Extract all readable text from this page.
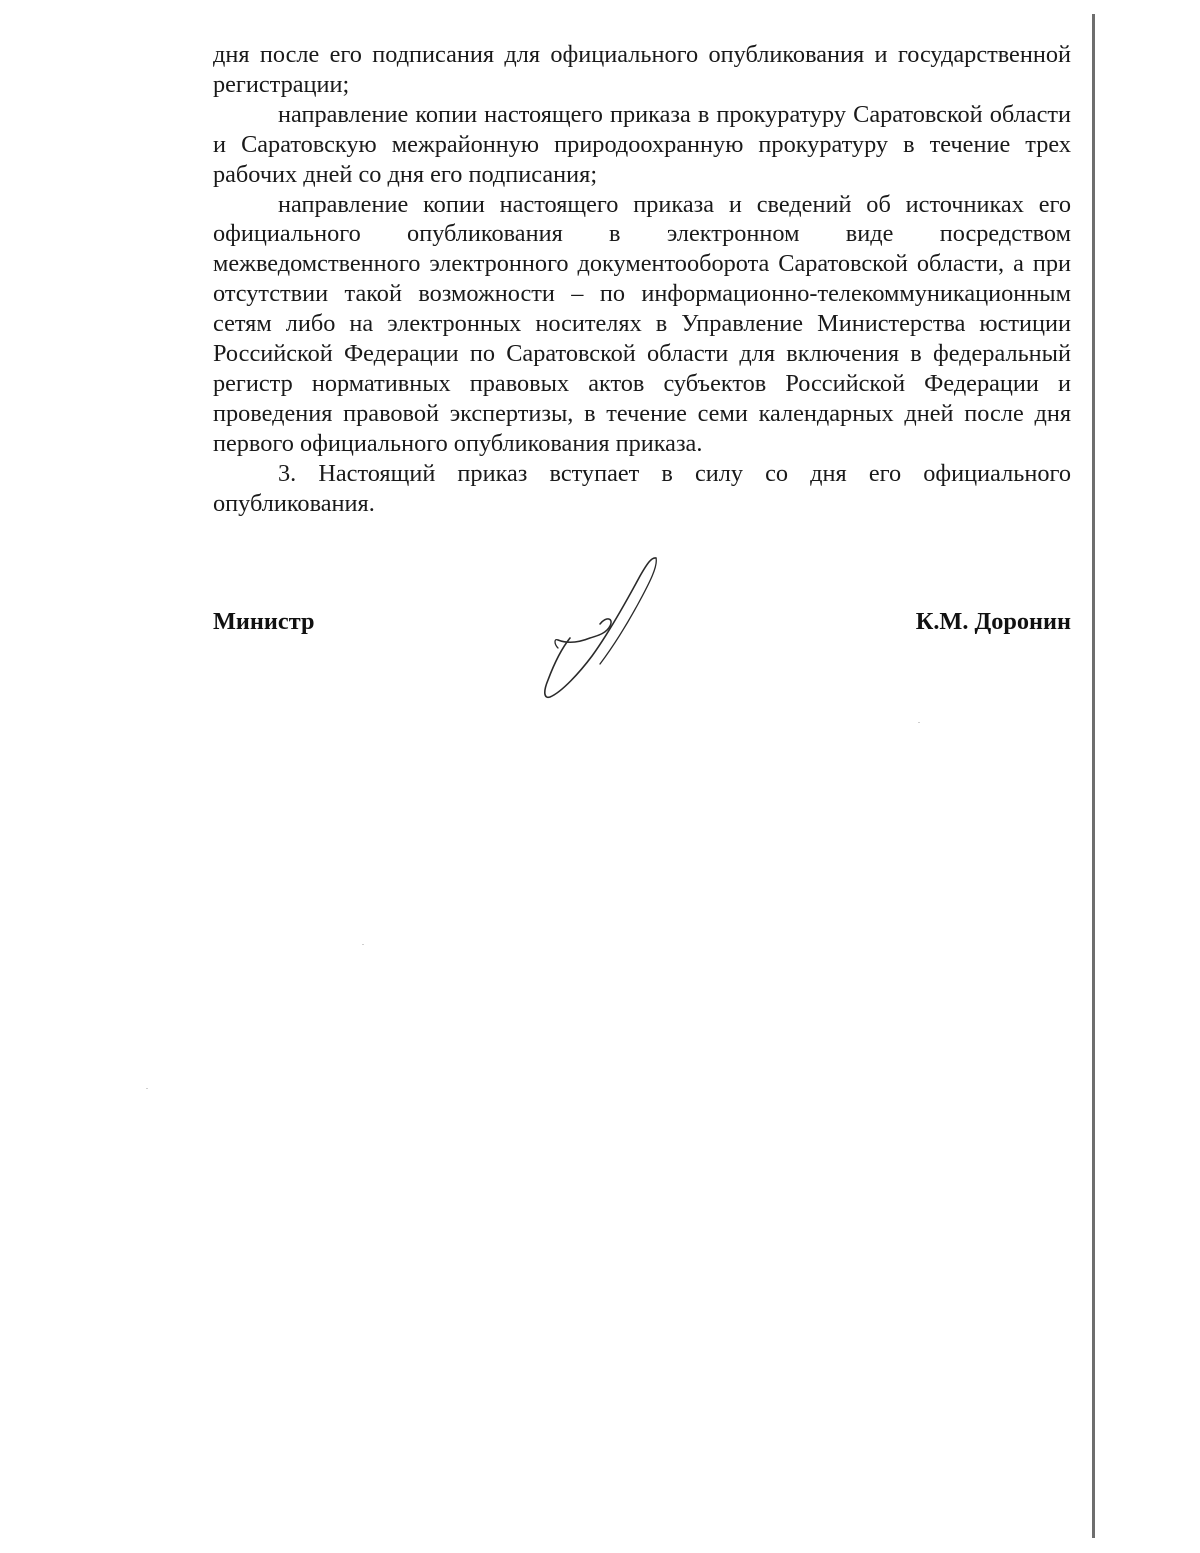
дня после его подписания для официального опубликования и государственной регистрации;

направление копии настоящего приказа в прокуратуру Саратовской области и Саратовскую межрайонную природоохранную прокуратуру в течение трех рабочих дней со дня его подписания;

направление копии настоящего приказа и сведений об источниках его официального опубликования в электронном виде посредством межведомственного электронного документооборота Саратовской области, а при отсутствии такой возможности – по информационно-телекоммуникационным сетям либо на электронных носителях в Управление Министерства юстиции Российской Федерации по Саратовской области для включения в федеральный регистр нормативных правовых актов субъектов Российской Федерации и проведения правовой экспертизы, в течение семи календарных дней после дня первого официального опубликования приказа.

3. Настоящий приказ вступает в силу со дня его официального опубликования.

Министр	К.М. Доронин
